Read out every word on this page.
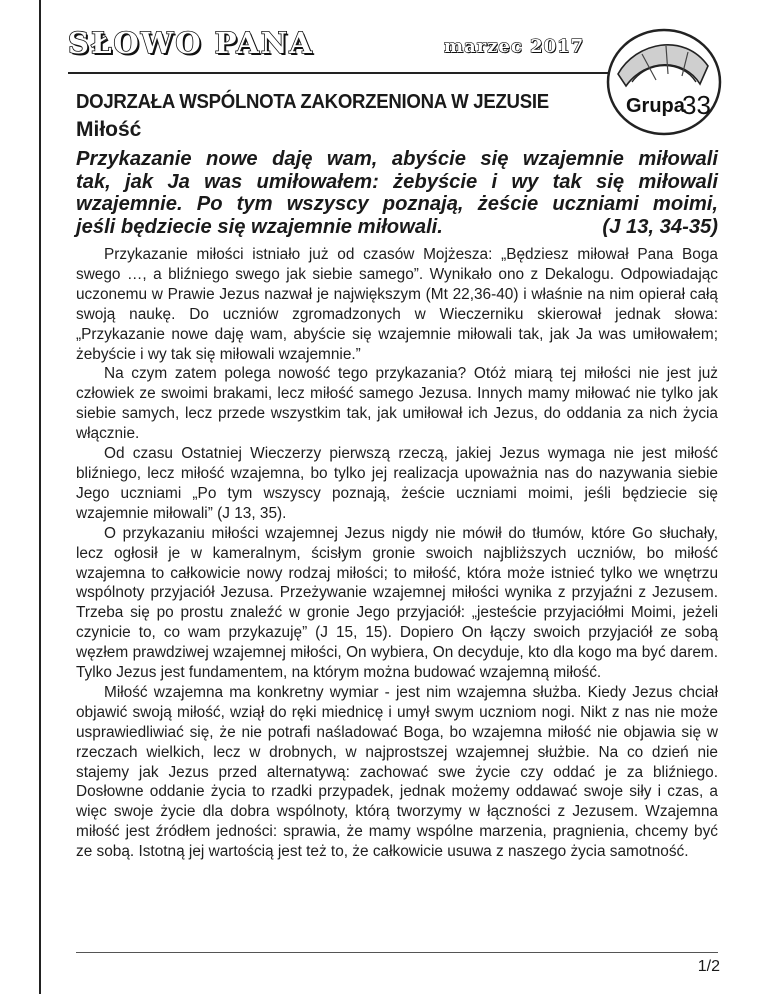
SŁOWO PANA	marzec 2017
Grupa
33
DOJRZAŁA WSPÓLNOTA ZAKORZENIONA W JEZUSIE
Miłość
Przykazanie nowe daję wam, abyście się wzajemnie miłowali
tak, jak Ja was umiłowałem: żebyście i wy tak się miłowali
wzajemnie. Po tym wszyscy poznają, żeście uczniami moimi,
jeśli będziecie się wzajemnie miłowali.	(J 13, 34-35)

Przykazanie miłości istniało już od czasów Mojżesza: „Będziesz miłował Pana Boga swego …, a bliźniego swego jak siebie samego”. Wynikało ono z Dekalogu. Odpowiadając uczonemu w Prawie Jezus nazwał je największym (Mt 22,36-40) i właśnie na nim opierał całą swoją naukę. Do uczniów zgromadzonych w Wieczerniku skierował jednak słowa: „Przykazanie nowe daję wam, abyście się wzajemnie miłowali tak, jak Ja was umiłowałem; żebyście i wy tak się miłowali wzajemnie.”

Na czym zatem polega nowość tego przykazania? Otóż miarą tej miłości nie jest już człowiek ze swoimi brakami, lecz miłość samego Jezusa. Innych mamy miłować nie tylko jak siebie samych, lecz przede wszystkim tak, jak umiłował ich Jezus, do oddania za nich życia włącznie.

Od czasu Ostatniej Wieczerzy pierwszą rzeczą, jakiej Jezus wymaga nie jest miłość bliźniego, lecz miłość wzajemna, bo tylko jej realizacja upoważnia nas do nazywania siebie Jego uczniami „Po tym wszyscy poznają, żeście uczniami moimi, jeśli będziecie się wzajemnie miłowali” (J 13, 35).

O przykazaniu miłości wzajemnej Jezus nigdy nie mówił do tłumów, które Go słuchały, lecz ogłosił je w kameralnym, ścisłym gronie swoich najbliższych uczniów, bo miłość wzajemna to całkowicie nowy rodzaj miłości; to miłość, która może istnieć tylko we wnętrzu wspólnoty przyjaciół Jezusa. Przeżywanie wzajemnej miłości wynika z przyjaźni z Jezusem. Trzeba się po prostu znaleźć w gronie Jego przyjaciół: „jesteście przyjaciółmi Moimi, jeżeli czynicie to, co wam przykazuję” (J 15, 15). Dopiero On łączy swoich przyjaciół ze sobą węzłem prawdziwej wzajemnej miłości, On wybiera, On decyduje, kto dla kogo ma być darem. Tylko Jezus jest fundamentem, na którym można budować wzajemną miłość.

Miłość wzajemna ma konkretny wymiar - jest nim wzajemna służba. Kiedy Jezus chciał objawić swoją miłość, wziął do ręki miednicę i umył swym uczniom nogi. Nikt z nas nie może usprawiedliwiać się, że nie potrafi naśladować Boga, bo wzajemna miłość nie objawia się w rzeczach wielkich, lecz w drobnych, w najprostszej wzajemnej służbie. Na co dzień nie stajemy jak Jezus przed alternatywą: zachować swe życie czy oddać je za bliźniego. Dosłowne oddanie życia to rzadki przypadek, jednak możemy oddawać swoje siły i czas, a więc swoje życie dla dobra wspólnoty, którą tworzymy w łączności z Jezusem. Wzajemna miłość jest źródłem jedności: sprawia, że mamy wspólne marzenia, pragnienia, chcemy być ze sobą. Istotną jej wartością jest też to, że całkowicie usuwa z naszego życia samotność.

1/2
